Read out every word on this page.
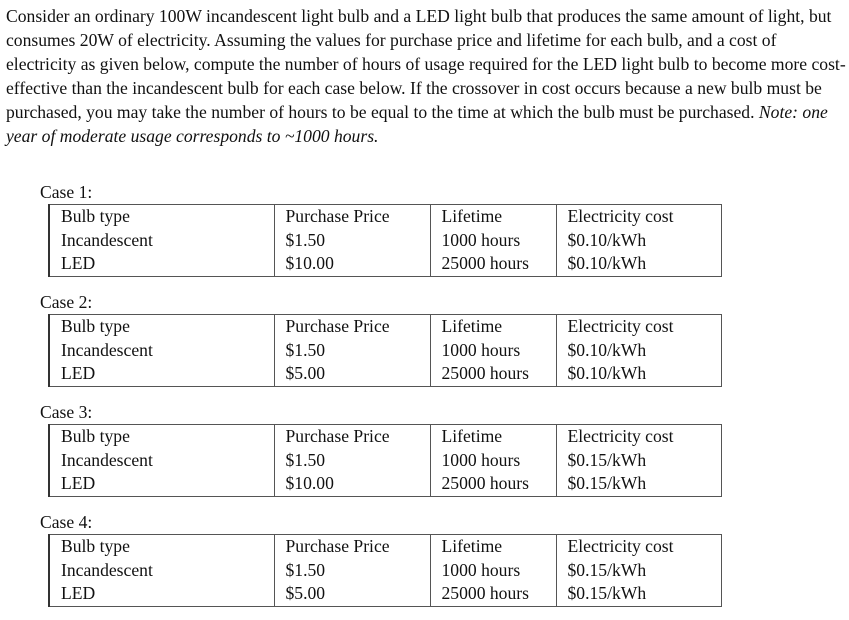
Consider an ordinary 100W incandescent light bulb and a LED light bulb that produces the same amount of light, but consumes 20W of electricity. Assuming the values for purchase price and lifetime for each bulb, and a cost of electricity as given below, compute the number of hours of usage required for the LED light bulb to become more cost-effective than the incandescent bulb for each case below. If the crossover in cost occurs because a new bulb must be purchased, you may take the number of hours to be equal to the time at which the bulb must be purchased. Note: one year of moderate usage corresponds to ~1000 hours.

Case 1:
Bulb type	Purchase Price	Lifetime	Electricity cost
Incandescent	$1.50	1000 hours	$0.10/kWh
LED	$10.00	25000 hours	$0.10/kWh
Case 2:
Bulb type	Purchase Price	Lifetime	Electricity cost
Incandescent	$1.50	1000 hours	$0.10/kWh
LED	$5.00	25000 hours	$0.10/kWh
Case 3:
Bulb type	Purchase Price	Lifetime	Electricity cost
Incandescent	$1.50	1000 hours	$0.15/kWh
LED	$10.00	25000 hours	$0.15/kWh
Case 4:
Bulb type	Purchase Price	Lifetime	Electricity cost
Incandescent	$1.50	1000 hours	$0.15/kWh
LED	$5.00	25000 hours	$0.15/kWh
